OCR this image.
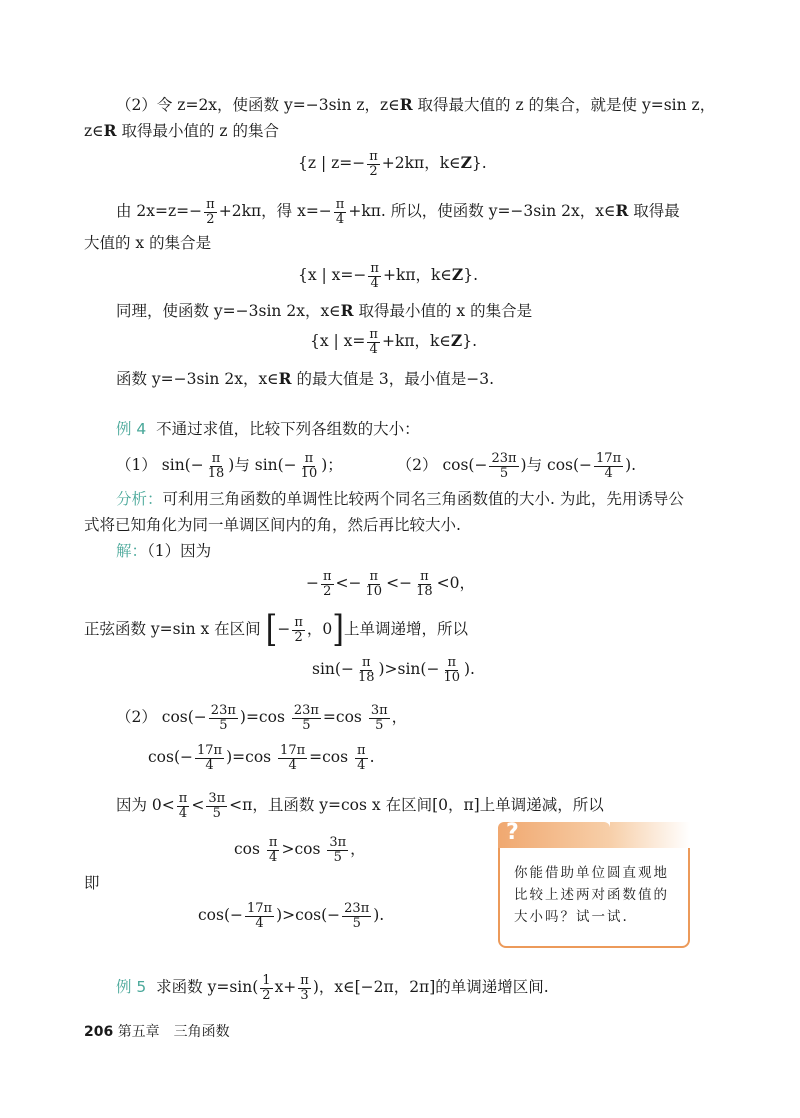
（2）令 z=2x，使函数 y=−3sin z，z∈R 取得最大值的 z 的集合，就是使 y=sin z，
z∈R 取得最小值的 z 的集合
{z | $z=- \frac{\pi}{2} +2k\pi$，k∈Z}.
由 $2x=z=- \frac{\pi}{2} +2k\pi$，得 $x=- \frac{\pi}{4} +k\pi$. 所以，使函数 y=−3sin 2x，x∈R 取得最
大值的 x 的集合是
{x | $x=- \frac{\pi}{4} +k\pi$，k∈Z}.
同理，使函数 y=−3sin 2x，x∈R 取得最小值的 x 的集合是
{x | $x= \frac{\pi}{4} +k\pi$，k∈Z}.
函数 y=−3sin 2x，x∈R 的最大值是 3，最小值是−3.
例 4 不通过求值，比较下列各组数的大小：
（1） $\sin(- \frac{\pi}{18}$ )与 $\sin(- \frac{\pi}{10}$ )；	（2） $\cos(- \frac{23\pi}{5}$ )与 $\cos(- \frac{17\pi}{4}$ ).
分析：可利用三角函数的单调性比较两个同名三角函数值的大小. 为此，先用诱导公
式将已知角化为同一单调区间内的角，然后再比较大小.
解：（1）因为
− $\frac{\pi}{2} <- \frac{\pi}{10} <- \frac{\pi}{18} <0$，
正弦函数 y=sin x 在区间 [− $\frac{\pi}{2}$ ，0]上单调递增，所以
$\sin(- \frac{\pi}{18} )>\sin(- \frac{\pi}{10}$ ).
（2） $\cos(- \frac{23\pi}{5} )=\cos \frac{23\pi}{5} =\cos \frac{3\pi}{5}$ ，
$\cos(- \frac{17\pi}{4} )=\cos \frac{17\pi}{4} =\cos \frac{\pi}{4}$ .
因为 $0< \frac{\pi}{4} < \frac{3\pi}{5} <\pi$，且函数 y=cos x 在区间[0，π]上单调递减，所以
$\cos \frac{\pi}{4} >\cos \frac{3\pi}{5}$ ，
即
$\cos(- \frac{17\pi}{4} )>\cos(- \frac{23\pi}{5}$ ).
?
你能借助单位圆直观地比较上述两对函数值的大小吗？试一试.
例 5 求函数 $y=\sin( \frac{1}{2} x+ \frac{\pi}{3}$ )，x∈[−2π，2π]的单调递增区间.
206 第五章　三角函数
